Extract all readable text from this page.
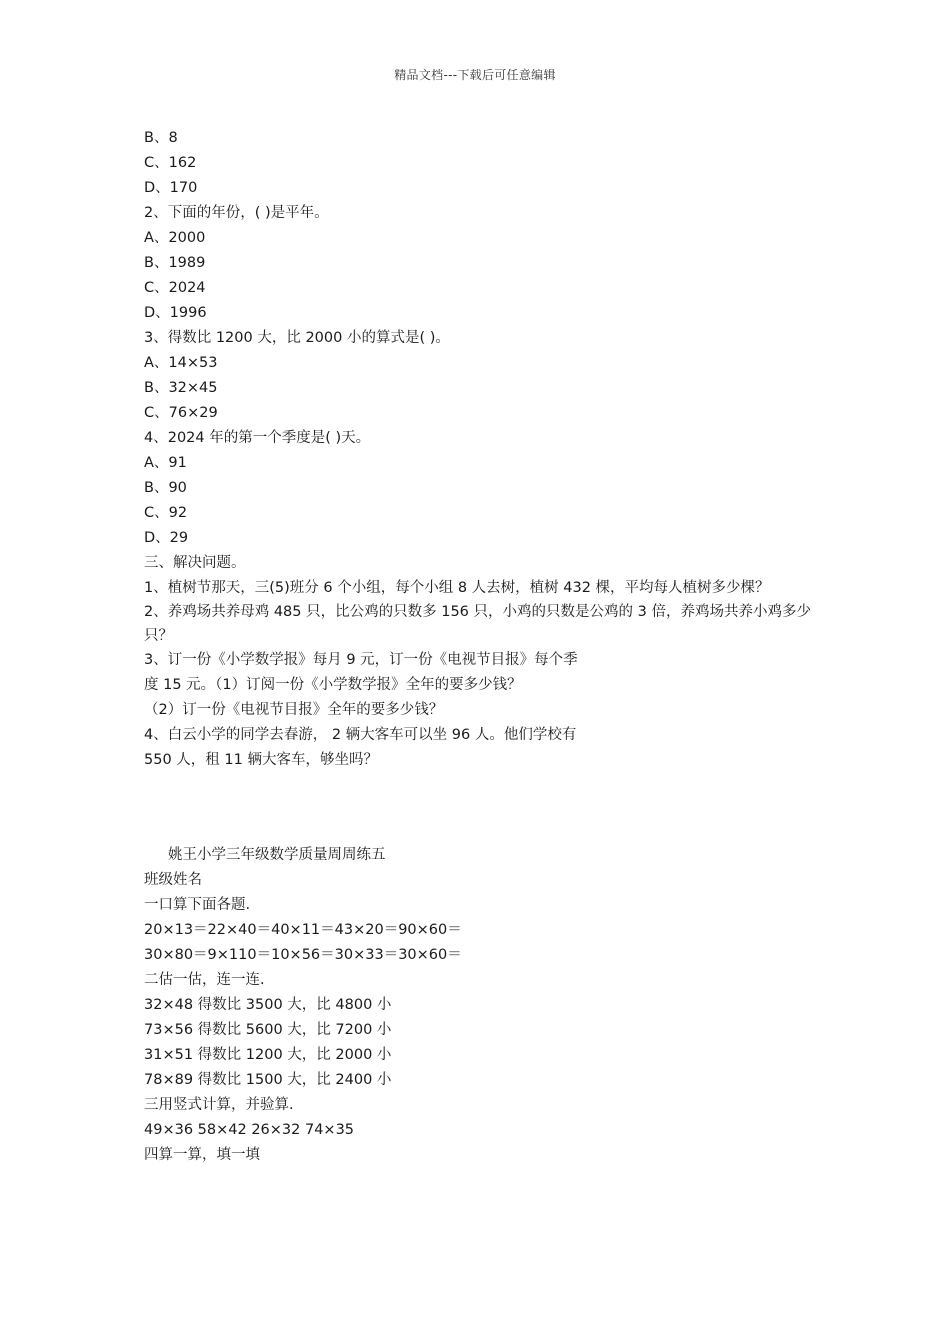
精品文档---下载后可任意编辑
B、8
C、162
D、170
2、下面的年份，( )是平年。
A、2000
B、1989
C、2024
D、1996
3、得数比 1200 大，比 2000 小的算式是( )。
A、14×53
B、32×45
C、76×29
4、2024 年的第一个季度是( )天。
A、91
B、90
C、92
D、29
三、解决问题。
1、植树节那天，三(5)班分 6 个小组，每个小组 8 人去树，植树 432 棵，平均每人植树多少棵？
2、养鸡场共养母鸡 485 只，比公鸡的只数多 156 只，小鸡的只数是公鸡的 3 倍，养鸡场共养小鸡多少只？
3、订一份《小学数学报》每月 9 元，订一份《电视节目报》每个季
度 15 元。（1）订阅一份《小学数学报》全年的要多少钱？
（2）订一份《电视节目报》全年的要多少钱？
4、白云小学的同学去春游， 2 辆大客车可以坐 96 人。他们学校有
550 人，租 11 辆大客车，够坐吗？
姚王小学三年级数学质量周周练五
班级姓名
一口算下面各题.
20×13＝22×40＝40×11＝43×20＝90×60＝
30×80＝9×110＝10×56＝30×33＝30×60＝
二估一估，连一连.
32×48 得数比 3500 大，比 4800 小
73×56 得数比 5600 大，比 7200 小
31×51 得数比 1200 大，比 2000 小
78×89 得数比 1500 大，比 2400 小
三用竖式计算，并验算.
49×36 58×42 26×32 74×35
四算一算，填一填
